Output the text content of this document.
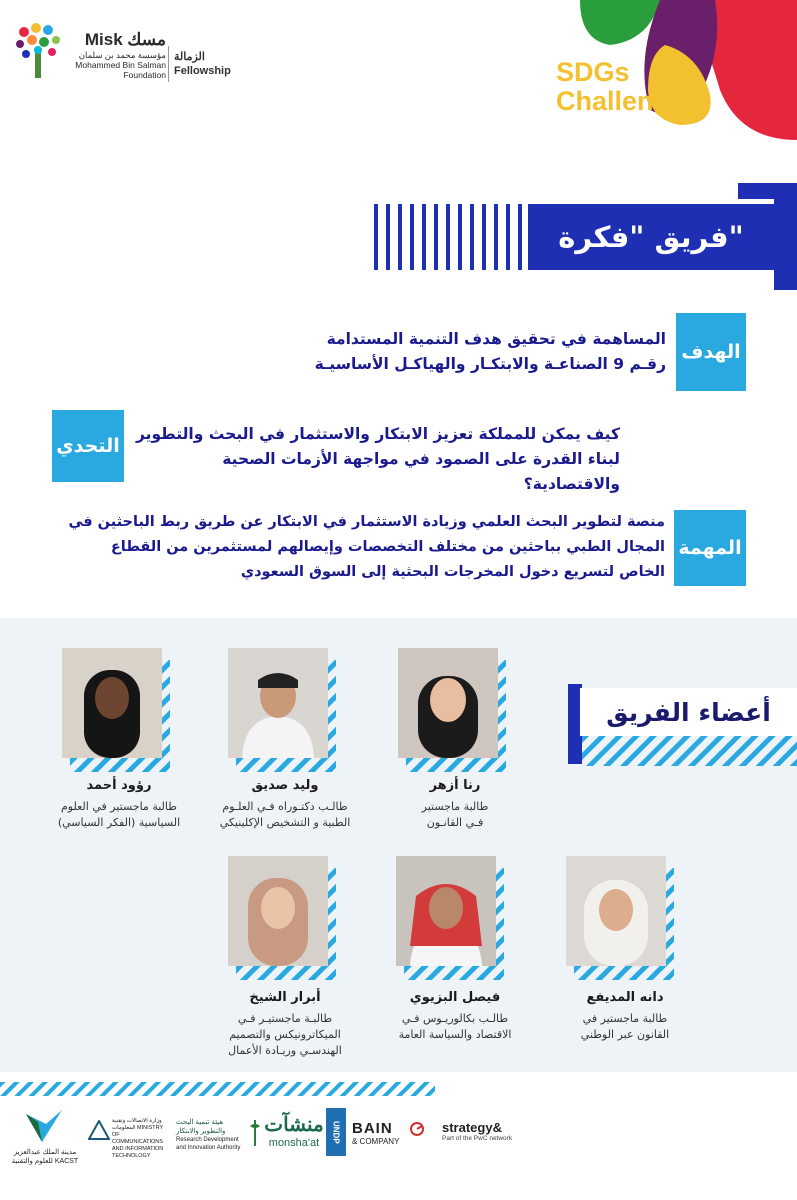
Misk مسك
مؤسسة محمد بن سلمان
Mohammed Bin Salman
Foundation
الزمالة
Fellowship	SDGs
Challenges
فريق "فكرة"
الهدف
المساهمة في تحقيق هدف التنمية المستدامة
رقـم 9 الصناعـة والابتكـار والهياكـل الأساسيـة
التحدي
كيف يمكن للمملكة تعزيز الابتكار والاستثمار في البحث والتطوير
لبناء القدرة على الصمود في مواجهة الأزمات الصحية والاقتصادية؟
المهمة
منصة لتطوير البحث العلمي وزيادة الاستثمار في الابتكار عن طريق ربط الباحثين في
المجال الطبي بباحثين من مختلف التخصصات وإيصالهم لمستثمرين من القطاع
الخاص لتسريع دخول المخرجات البحثية إلى السوق السعودي
أعضاء الفريق
رنا أزهر
طالبة ماجستير
فـي القانـون
وليد صديق
طالـب دكتـوراه فـي العلـوم
الطبية و التشخيص الإكلينيكي
رؤود أحمد
طالبة ماجستير في العلوم
السياسية (الفكر السياسي)
دانه المديفع
طالبة ماجستير في
القانون عبر الوطني
فيصل البزيوي
طالـب بكالوريـوس فـي
الاقتصاد والسياسة العامة
أبرار الشيخ
طالبـة ماجستيـر فـي
الميكاترونيكس والتصميم
الهندسـي وريـادة الأعمال
مدينة الملك عبدالعزيز للعلوم والتقنية KACST
وزارة الاتصالات وتقنية المعلومات MINISTRY OF COMMUNICATIONS AND INFORMATION TECHNOLOGY
هيئة تنمية البحث
والتطوير والابتكار
Research Development
and Innovation Authority
منشآت
monsha'at	UNDP BAIN
& COMPANY
strategy&
Part of the PwC network
